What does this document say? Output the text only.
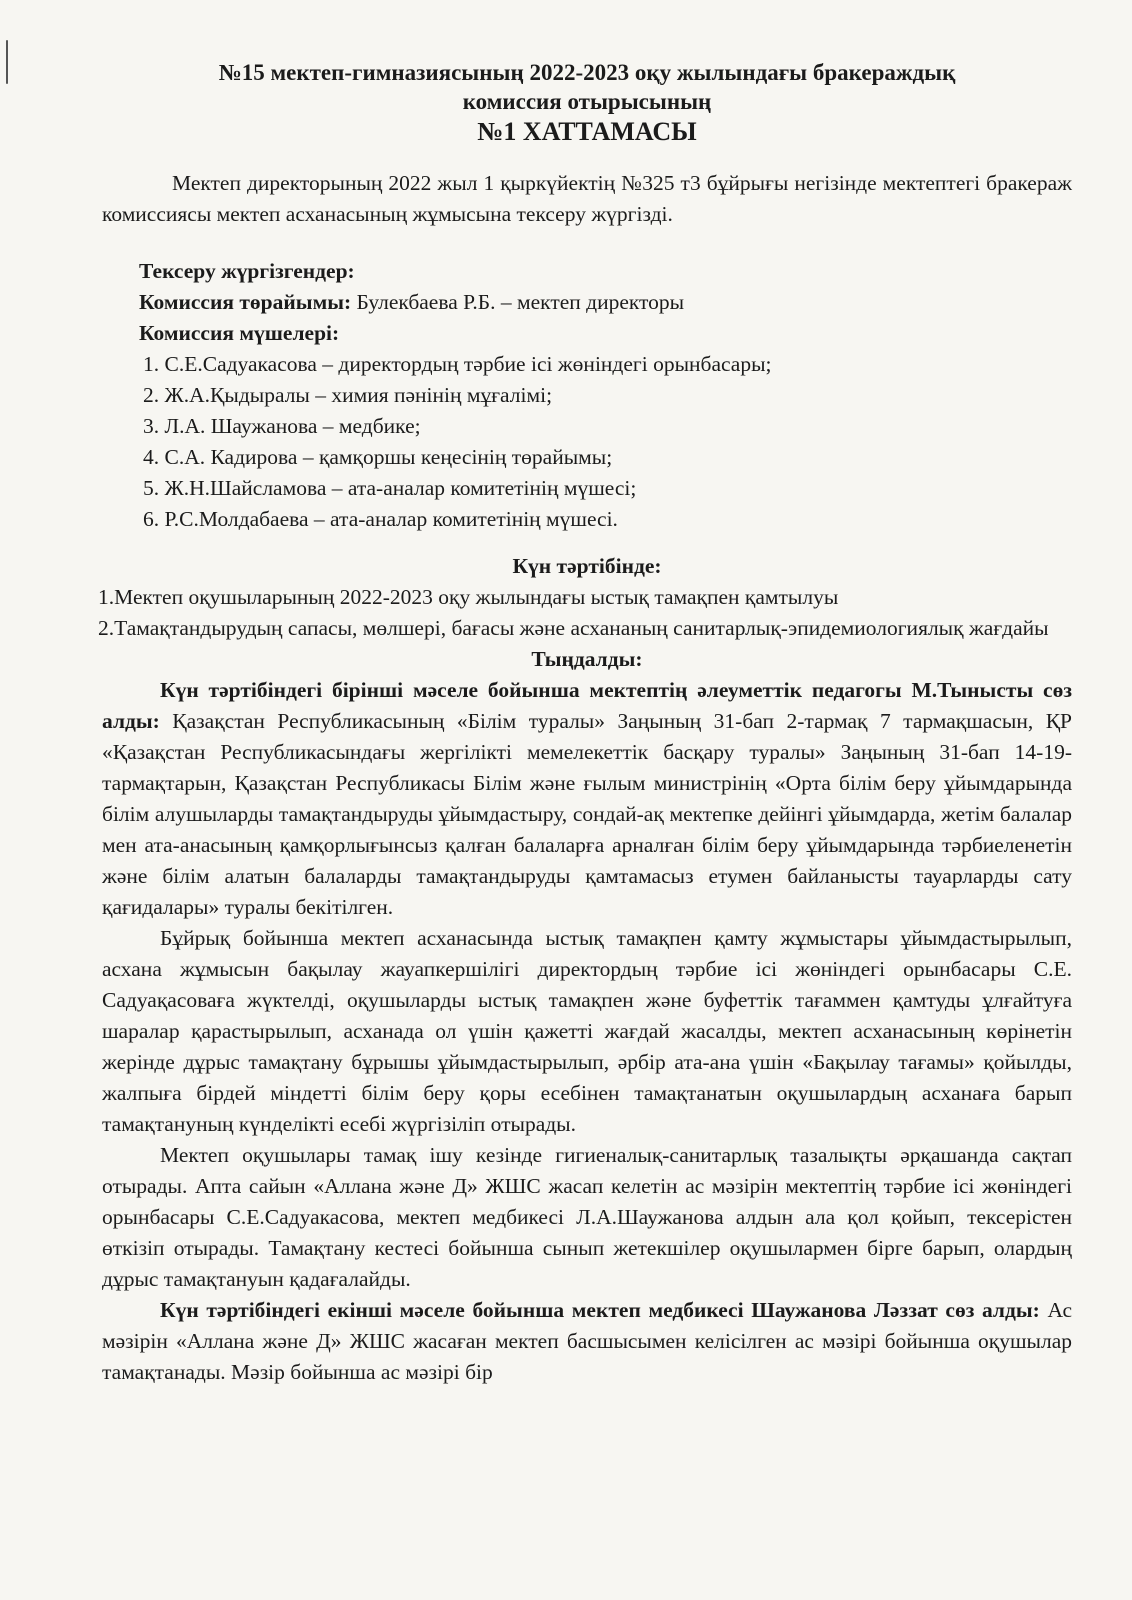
№15 мектеп-гимназиясының 2022-2023 оқу жылындағы бракераждық
комиссия отырысының
№1 ХАТТАМАСЫ

Мектеп директорының 2022 жыл 1 қыркүйектің №325 т3 бұйрығы негізінде мектептегі бракераж комиссиясы мектеп асханасының жұмысына тексеру жүргізді.

Тексеру жүргізгендер:
Комиссия төрайымы: Булекбаева Р.Б. – мектеп директоры
Комиссия мүшелері:
1. С.Е.Садуакасова – директордың тәрбие ісі жөніндегі орынбасары;
2. Ж.А.Қыдыралы – химия пәнінің мұғалімі;
3. Л.А. Шаужанова – медбике;
4. С.А. Кадирова – қамқоршы кеңесінің төрайымы;
5. Ж.Н.Шайсламова – ата-аналар комитетінің мүшесі;
6. Р.С.Молдабаева – ата-аналар комитетінің мүшесі.
Күн тәртібінде:

1.Мектеп оқушыларының 2022-2023 оқу жылындағы ыстық тамақпен қамтылуы

2.Тамақтандырудың сапасы, мөлшері, бағасы және асхананың санитарлық-эпидемиологиялық жағдайы

Тыңдалды:

Күн тәртібіндегі бірінші мәселе бойынша мектептің әлеуметтік педагогы М.Тынысты сөз алды: Қазақстан Республикасының «Білім туралы» Заңының 31-бап 2-тармақ 7 тармақшасын, ҚР «Қазақстан Республикасындағы жергілікті мемелекеттік басқару туралы» Заңының 31-бап 14-19-тармақтарын, Қазақстан Республикасы Білім және ғылым министрінің «Орта білім беру ұйымдарында білім алушыларды тамақтандыруды ұйымдастыру, сондай-ақ мектепке дейінгі ұйымдарда, жетім балалар мен ата-анасының қамқорлығынсыз қалған балаларға арналған білім беру ұйымдарында тәрбиеленетін және білім алатын балаларды тамақтандыруды қамтамасыз етумен байланысты тауарларды сату қағидалары» туралы бекітілген.

Бұйрық бойынша мектеп асханасында ыстық тамақпен қамту жұмыстары ұйымдастырылып, асхана жұмысын бақылау жауапкершілігі директордың тәрбие ісі жөніндегі орынбасары С.Е. Садуақасоваға жүктелді, оқушыларды ыстық тамақпен және буфеттік тағаммен қамтуды ұлғайтуға шаралар қарастырылып, асханада ол үшін қажетті жағдай жасалды, мектеп асханасының көрінетін жерінде дұрыс тамақтану бұрышы ұйымдастырылып, әрбір ата-ана үшін «Бақылау тағамы» қойылды, жалпыға бірдей міндетті білім беру қоры есебінен тамақтанатын оқушылардың асханаға барып тамақтануның күнделікті есебі жүргізіліп отырады.

Мектеп оқушылары тамақ ішу кезінде гигиеналық-санитарлық тазалықты әрқашанда сақтап отырады. Апта сайын «Аллана және Д» ЖШС жасап келетін ас мәзірін мектептің тәрбие ісі жөніндегі орынбасары С.Е.Садуакасова, мектеп медбикесі Л.А.Шаужанова алдын ала қол қойып, тексерістен өткізіп отырады. Тамақтану кестесі бойынша сынып жетекшілер оқушылармен бірге барып, олардың дұрыс тамақтануын қадағалайды.

Күн тәртібіндегі екінші мәселе бойынша мектеп медбикесі Шаужанова Ләззат сөз алды: Ас мәзірін «Аллана және Д» ЖШС жасаған мектеп басшысымен келісілген ас мәзірі бойынша оқушылар тамақтанады. Мәзір бойынша ас мәзірі бір
